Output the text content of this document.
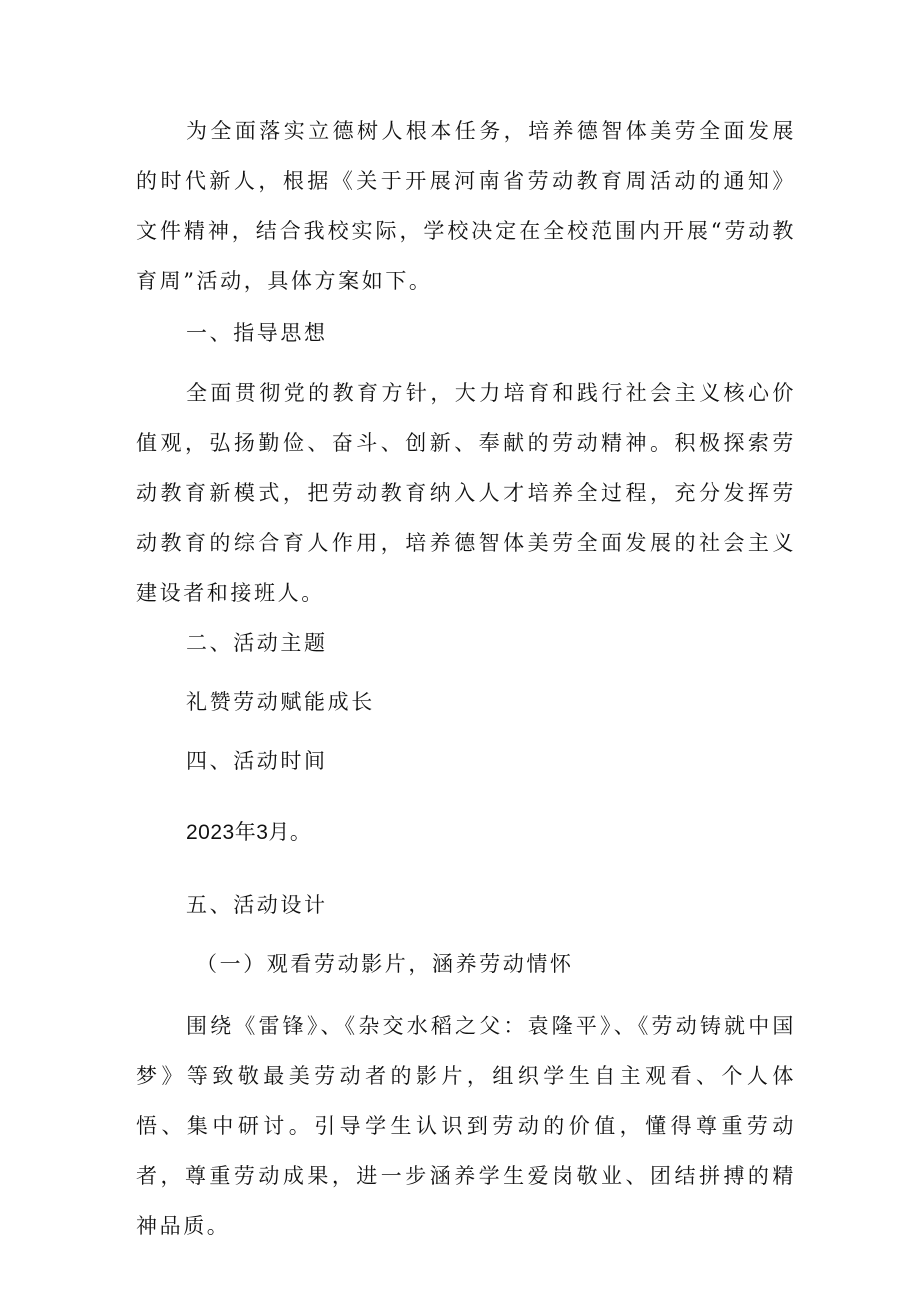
为全面落实立德树人根本任务，培养德智体美劳全面发展的时代新人，根据《关于开展河南省劳动教育周活动的通知》文件精神，结合我校实际，学校决定在全校范围内开展“劳动教育周”活动，具体方案如下。

一、指导思想

全面贯彻党的教育方针，大力培育和践行社会主义核心价值观，弘扬勤俭、奋斗、创新、奉献的劳动精神。积极探索劳动教育新模式，把劳动教育纳入人才培养全过程，充分发挥劳动教育的综合育人作用，培养德智体美劳全面发展的社会主义建设者和接班人。

二、活动主题

礼赞劳动赋能成长

四、活动时间

2023年3月。

五、活动设计

（一）观看劳动影片，涵养劳动情怀

围绕《雷锋》、《杂交水稻之父：袁隆平》、《劳动铸就中国梦》等致敬最美劳动者的影片，组织学生自主观看、个人体悟、集中研讨。引导学生认识到劳动的价值，懂得尊重劳动者，尊重劳动成果，进一步涵养学生爱岗敬业、团结拼搏的精神品质。
